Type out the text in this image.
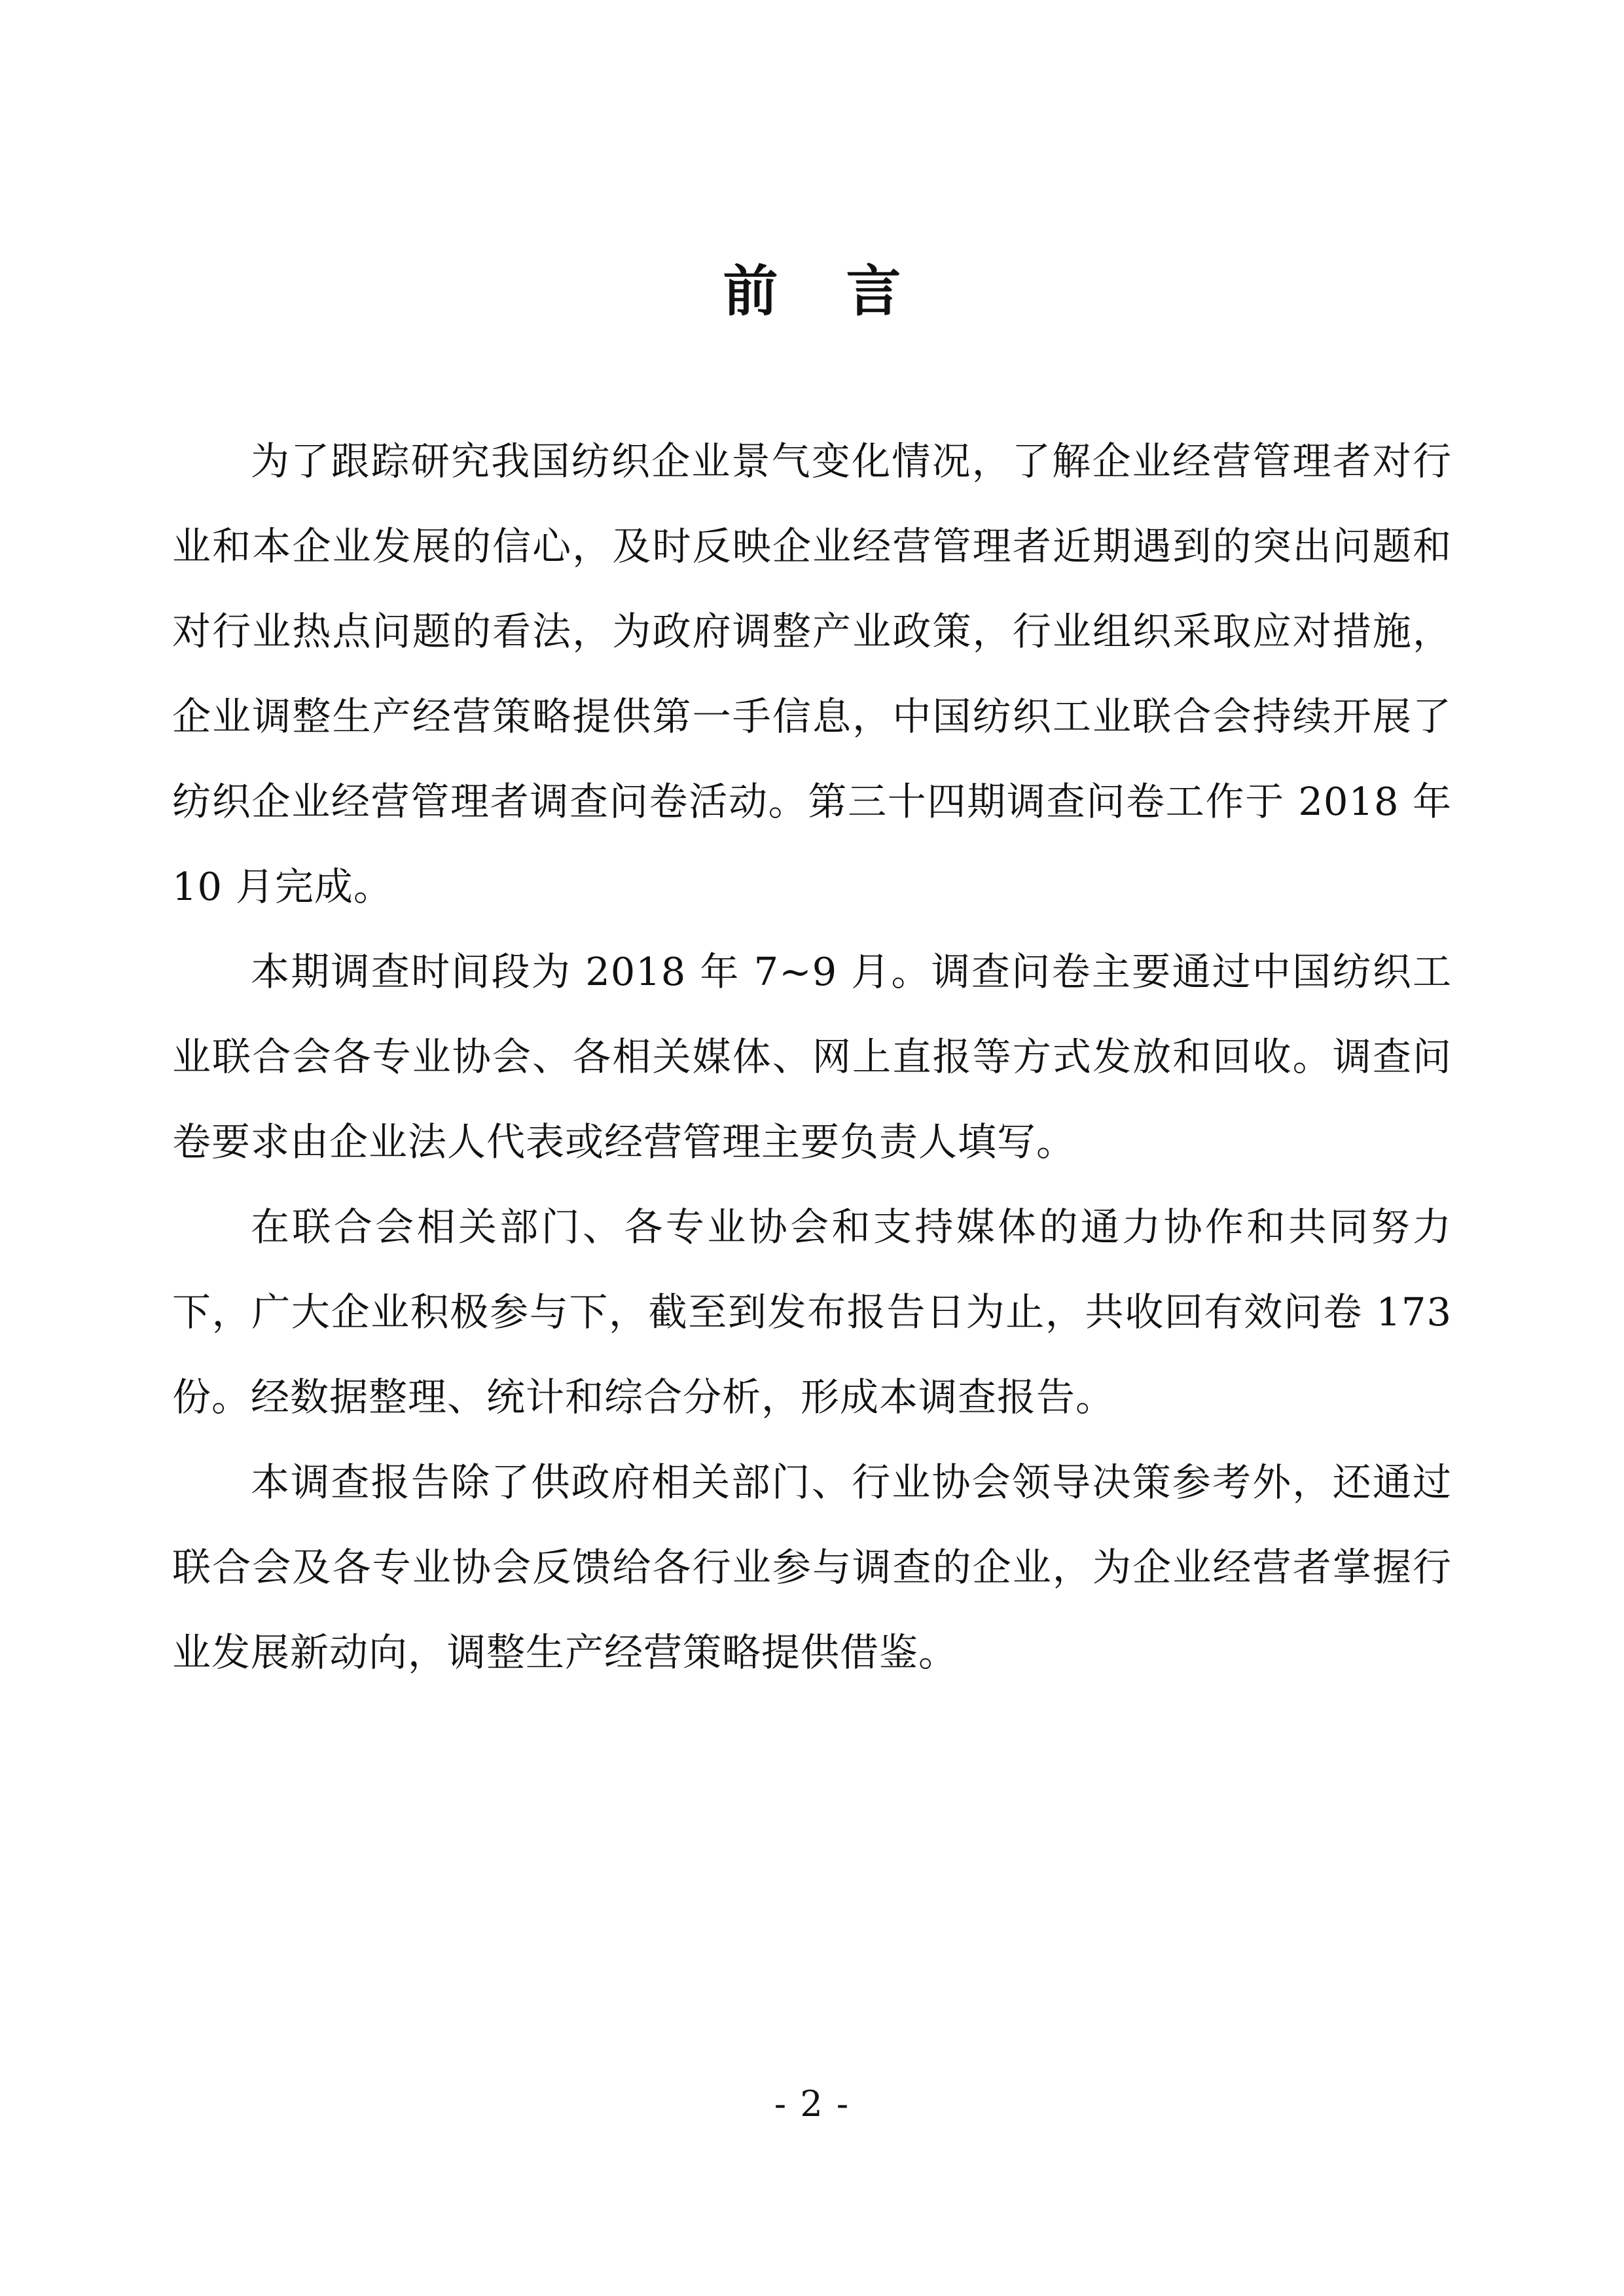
前言

为了跟踪研究我国纺织企业景气变化情况，了解企业经营管理者对行业和本企业发展的信心，及时反映企业经营管理者近期遇到的突出问题和对行业热点问题的看法，为政府调整产业政策，行业组织采取应对措施，企业调整生产经营策略提供第一手信息，中国纺织工业联合会持续开展了纺织企业经营管理者调查问卷活动。第三十四期调查问卷工作于 2018 年 10 月完成。

本期调查时间段为 2018 年 7~9 月。调查问卷主要通过中国纺织工业联合会各专业协会、各相关媒体、网上直报等方式发放和回收。调查问卷要求由企业法人代表或经营管理主要负责人填写。

在联合会相关部门、各专业协会和支持媒体的通力协作和共同努力下，广大企业积极参与下，截至到发布报告日为止，共收回有效问卷 173 份。经数据整理、统计和综合分析，形成本调查报告。

本调查报告除了供政府相关部门、行业协会领导决策参考外，还通过联合会及各专业协会反馈给各行业参与调查的企业，为企业经营者掌握行业发展新动向，调整生产经营策略提供借鉴。

- 2 -
